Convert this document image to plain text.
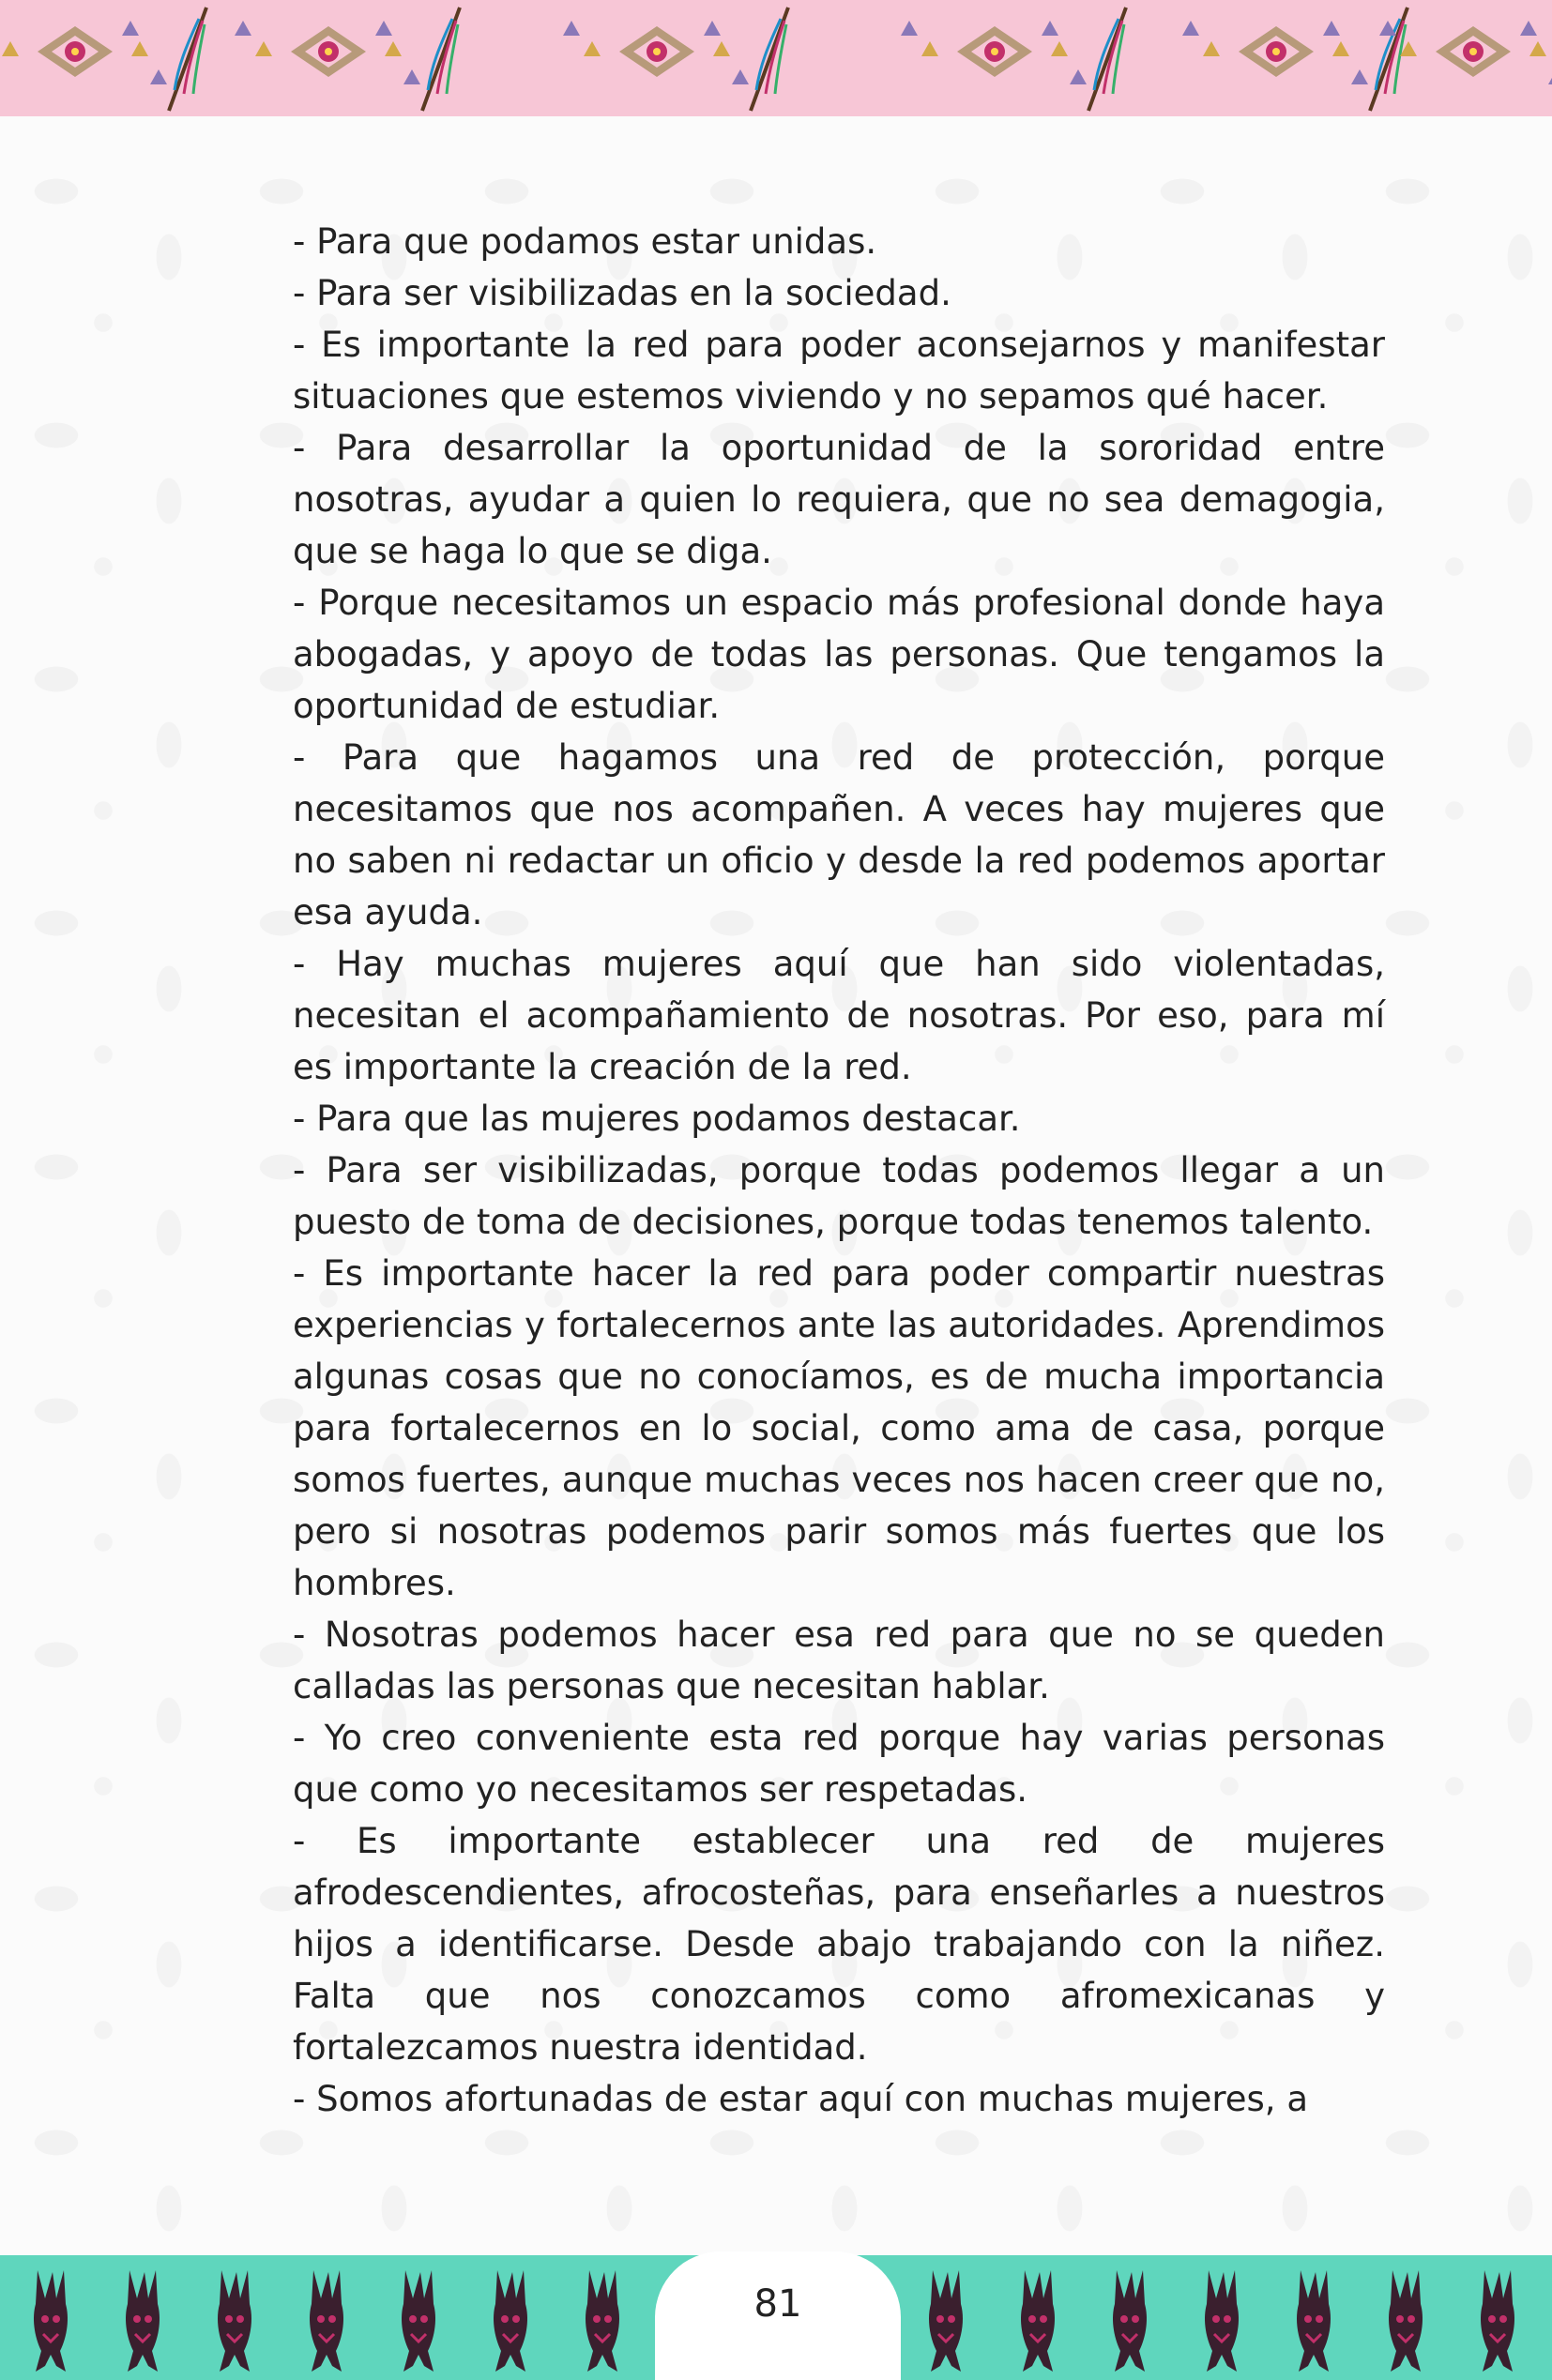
- Para que podamos estar unidas.

- Para ser visibilizadas en la sociedad.

- Es importante la red para poder aconsejarnos y manifestar situaciones que estemos viviendo y no sepamos qué hacer.

- Para desarrollar la oportunidad de la sororidad entre nosotras, ayudar a quien lo requiera, que no sea demagogia, que se haga lo que se diga.

- Porque necesitamos un espacio más profesional donde haya abogadas, y apoyo de todas las personas. Que tengamos la oportunidad de estudiar.

- Para que hagamos una red de protección, porque necesitamos que nos acompañen. A veces hay mujeres que no saben ni redactar un oficio y desde la red podemos aportar esa ayuda.

- Hay muchas mujeres aquí que han sido violentadas, necesitan el acompañamiento de nosotras. Por eso, para mí es importante la creación de la red.

- Para que las mujeres podamos destacar.

- Para ser visibilizadas, porque todas podemos llegar a un puesto de toma de decisiones, porque todas tenemos talento.

- Es importante hacer la red para poder compartir nuestras experiencias y fortalecernos ante las autoridades. Aprendimos algunas cosas que no conocíamos, es de mucha importancia para fortalecernos en lo social, como ama de casa, porque somos fuertes, aunque muchas veces nos hacen creer que no, pero si nosotras podemos parir somos más fuertes que los hombres.

- Nosotras podemos hacer esa red para que no se queden calladas las personas que necesitan hablar.

- Yo creo conveniente esta red porque hay varias personas que como yo necesitamos ser respetadas.

- Es importante establecer una red de mujeres afrodescendientes, afrocosteñas, para enseñarles a nuestros hijos a identificarse. Desde abajo trabajando con la niñez. Falta que nos conozcamos como afromexicanas y fortalezcamos nuestra identidad.

- Somos afortunadas de estar aquí con muchas mujeres, a

81
